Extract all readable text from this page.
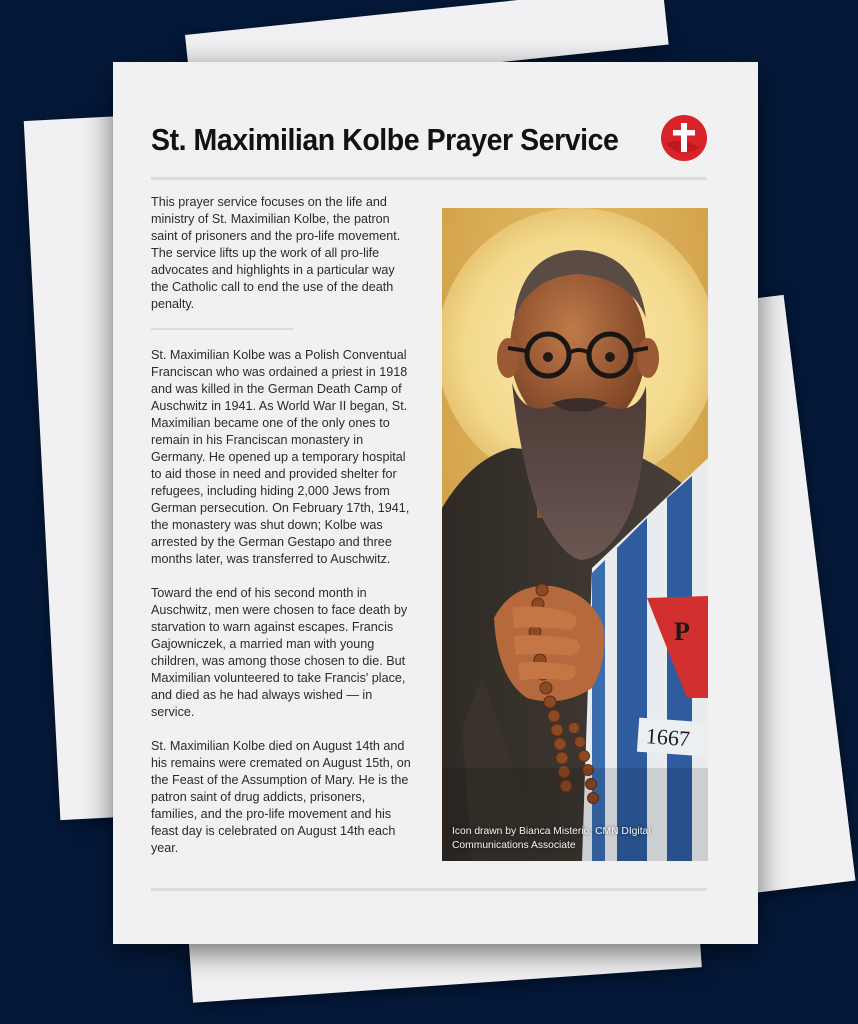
St. Maximilian Kolbe Prayer Service

This prayer service focuses on the life and ministry of St. Maximilian Kolbe, the patron saint of prisoners and the pro-life movement. The service lifts up the work of all pro-life advocates and highlights in a particular way the Catholic call to end the use of the death penalty.

St. Maximilian Kolbe was a Polish Conventual Franciscan who was ordained a priest in 1918 and was killed in the German Death Camp of Auschwitz in 1941. As World War II began, St. Maximilian became one of the only ones to remain in his Franciscan monastery in Germany. He opened up a temporary hospital to aid those in need and provided shelter for refugees, including hiding 2,000 Jews from German persecution. On February 17th, 1941, the monastery was shut down; Kolbe was arrested by the German Gestapo and three months later, was transferred to Auschwitz.

Toward the end of his second month in Auschwitz, men were chosen to face death by starvation to warn against escapes. Francis Gajowniczek, a married man with young children, was among those chosen to die. But Maximilian volunteered to take Francis' place, and died as he had always wished — in service.

St. Maximilian Kolbe died on August 14th and his remains were cremated on August 15th, on the Feast of the Assumption of Mary. He is the patron saint of drug addicts, prisoners, families, and the pro-life movement and his feast day is celebrated on August 14th each year.

P
1667
Icon drawn by Bianca Misterio, CMN DIgital Communications Associate
